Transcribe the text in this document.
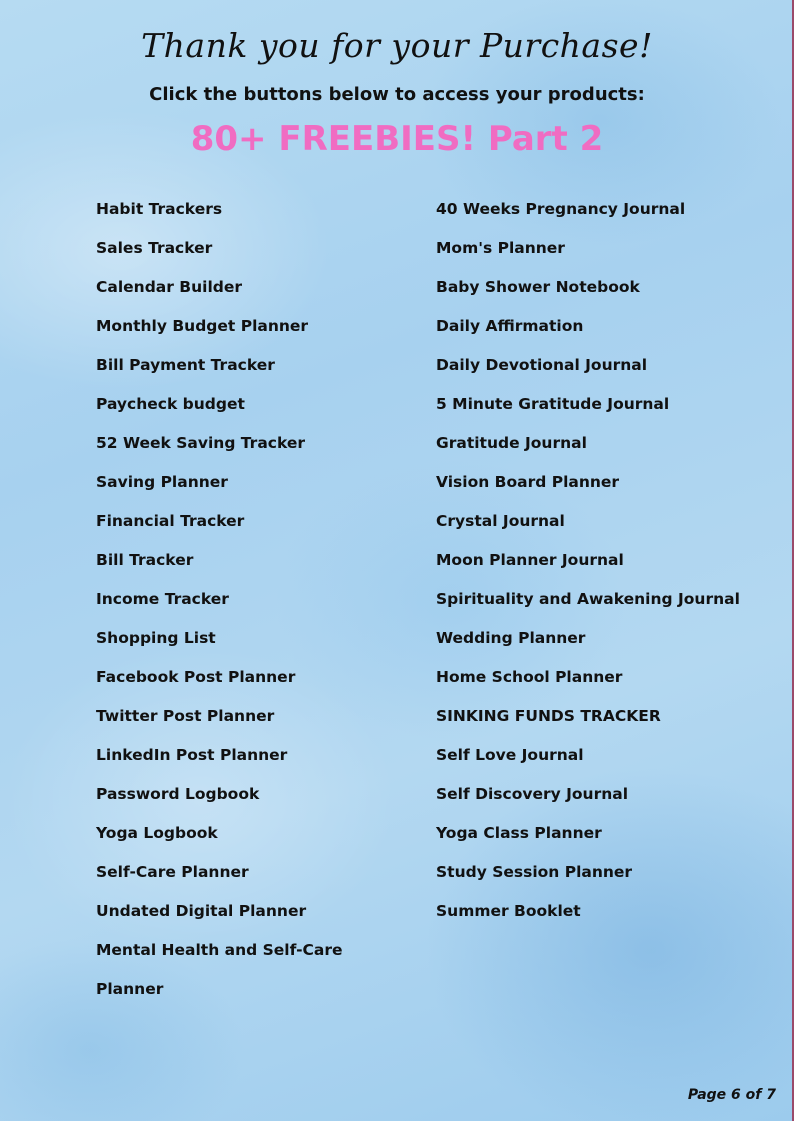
Thank you for your Purchase!
Click the buttons below to access your products:
80+ FREEBIES! Part 2
Habit Trackers
Sales Tracker
Calendar Builder
Monthly Budget Planner
Bill Payment Tracker
Paycheck budget
52 Week Saving Tracker
Saving Planner
Financial Tracker
Bill Tracker
Income Tracker
Shopping List
Facebook Post Planner
Twitter Post Planner
LinkedIn Post Planner
Password Logbook
Yoga Logbook
Self-Care Planner
Undated Digital Planner
Mental Health and Self-Care
Planner
40 Weeks Pregnancy Journal
Mom's Planner
Baby Shower Notebook
Daily Affirmation
Daily Devotional Journal
5 Minute Gratitude Journal
Gratitude Journal
Vision Board Planner
Crystal Journal
Moon Planner Journal
Spirituality and Awakening Journal
Wedding Planner
Home School Planner
SINKING FUNDS TRACKER
Self Love Journal
Self Discovery Journal
Yoga Class Planner
Study Session Planner
Summer Booklet
Page 6 of 7
